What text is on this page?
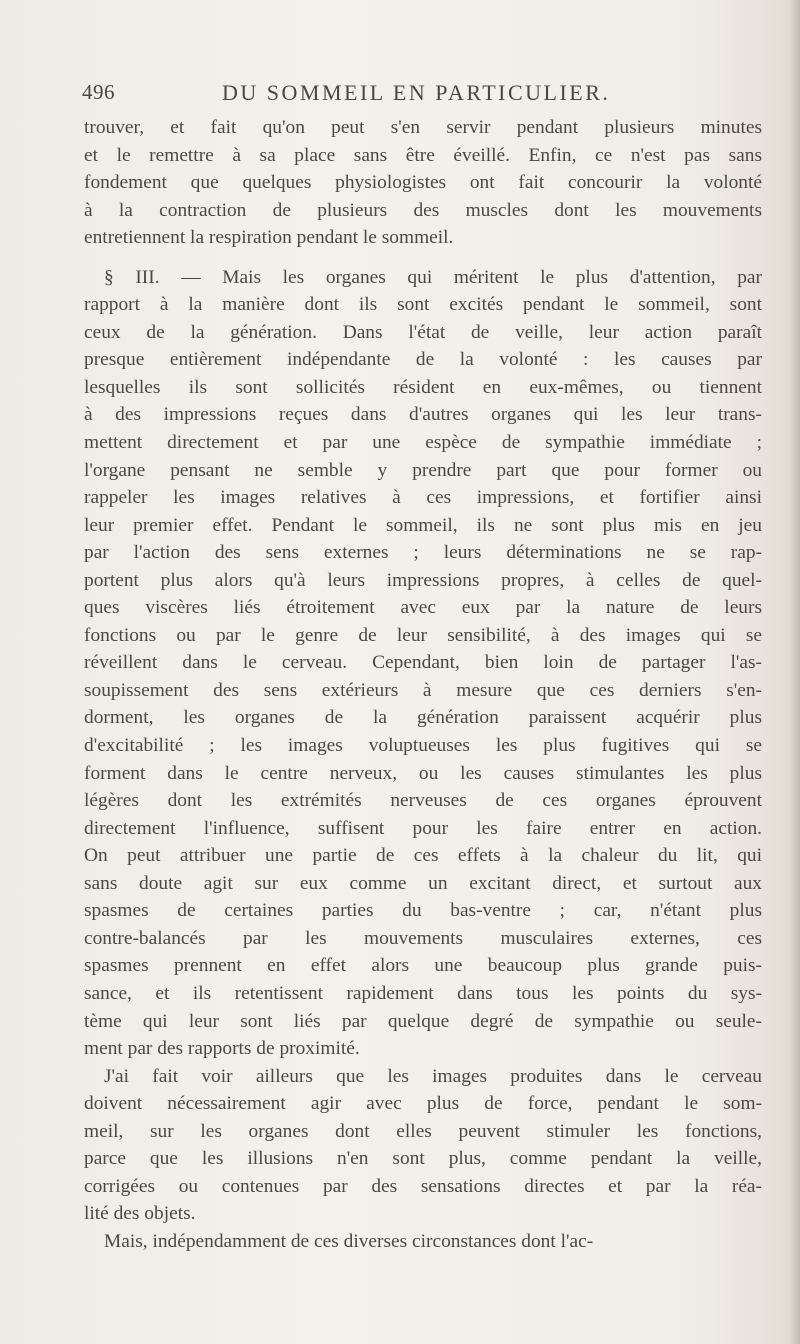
496	DU SOMMEIL EN PARTICULIER.

trouver, et fait qu'on peut s'en servir pendant plusieurs minutes
et le remettre à sa place sans être éveillé. Enfin, ce n'est pas sans
fondement que quelques physiologistes ont fait concourir la volonté
à la contraction de plusieurs des muscles dont les mouvements
entretiennent la respiration pendant le sommeil.

§ III. — Mais les organes qui méritent le plus d'attention, par
rapport à la manière dont ils sont excités pendant le sommeil, sont
ceux de la génération. Dans l'état de veille, leur action paraît
presque entièrement indépendante de la volonté : les causes par
lesquelles ils sont sollicités résident en eux-mêmes, ou tiennent
à des impressions reçues dans d'autres organes qui les leur trans-
mettent directement et par une espèce de sympathie immédiate ;
l'organe pensant ne semble y prendre part que pour former ou
rappeler les images relatives à ces impressions, et fortifier ainsi
leur premier effet. Pendant le sommeil, ils ne sont plus mis en jeu
par l'action des sens externes ; leurs déterminations ne se rap-
portent plus alors qu'à leurs impressions propres, à celles de quel-
ques viscères liés étroitement avec eux par la nature de leurs
fonctions ou par le genre de leur sensibilité, à des images qui se
réveillent dans le cerveau. Cependant, bien loin de partager l'as-
soupissement des sens extérieurs à mesure que ces derniers s'en-
dorment, les organes de la génération paraissent acquérir plus
d'excitabilité ; les images voluptueuses les plus fugitives qui se
forment dans le centre nerveux, ou les causes stimulantes les plus
légères dont les extrémités nerveuses de ces organes éprouvent
directement l'influence, suffisent pour les faire entrer en action.
On peut attribuer une partie de ces effets à la chaleur du lit, qui
sans doute agit sur eux comme un excitant direct, et surtout aux
spasmes de certaines parties du bas-ventre ; car, n'étant plus
contre-balancés par les mouvements musculaires externes, ces
spasmes prennent en effet alors une beaucoup plus grande puis-
sance, et ils retentissent rapidement dans tous les points du sys-
tème qui leur sont liés par quelque degré de sympathie ou seule-
ment par des rapports de proximité.

J'ai fait voir ailleurs que les images produites dans le cerveau
doivent nécessairement agir avec plus de force, pendant le som-
meil, sur les organes dont elles peuvent stimuler les fonctions,
parce que les illusions n'en sont plus, comme pendant la veille,
corrigées ou contenues par des sensations directes et par la réa-
lité des objets.

Mais, indépendamment de ces diverses circonstances dont l'ac-
